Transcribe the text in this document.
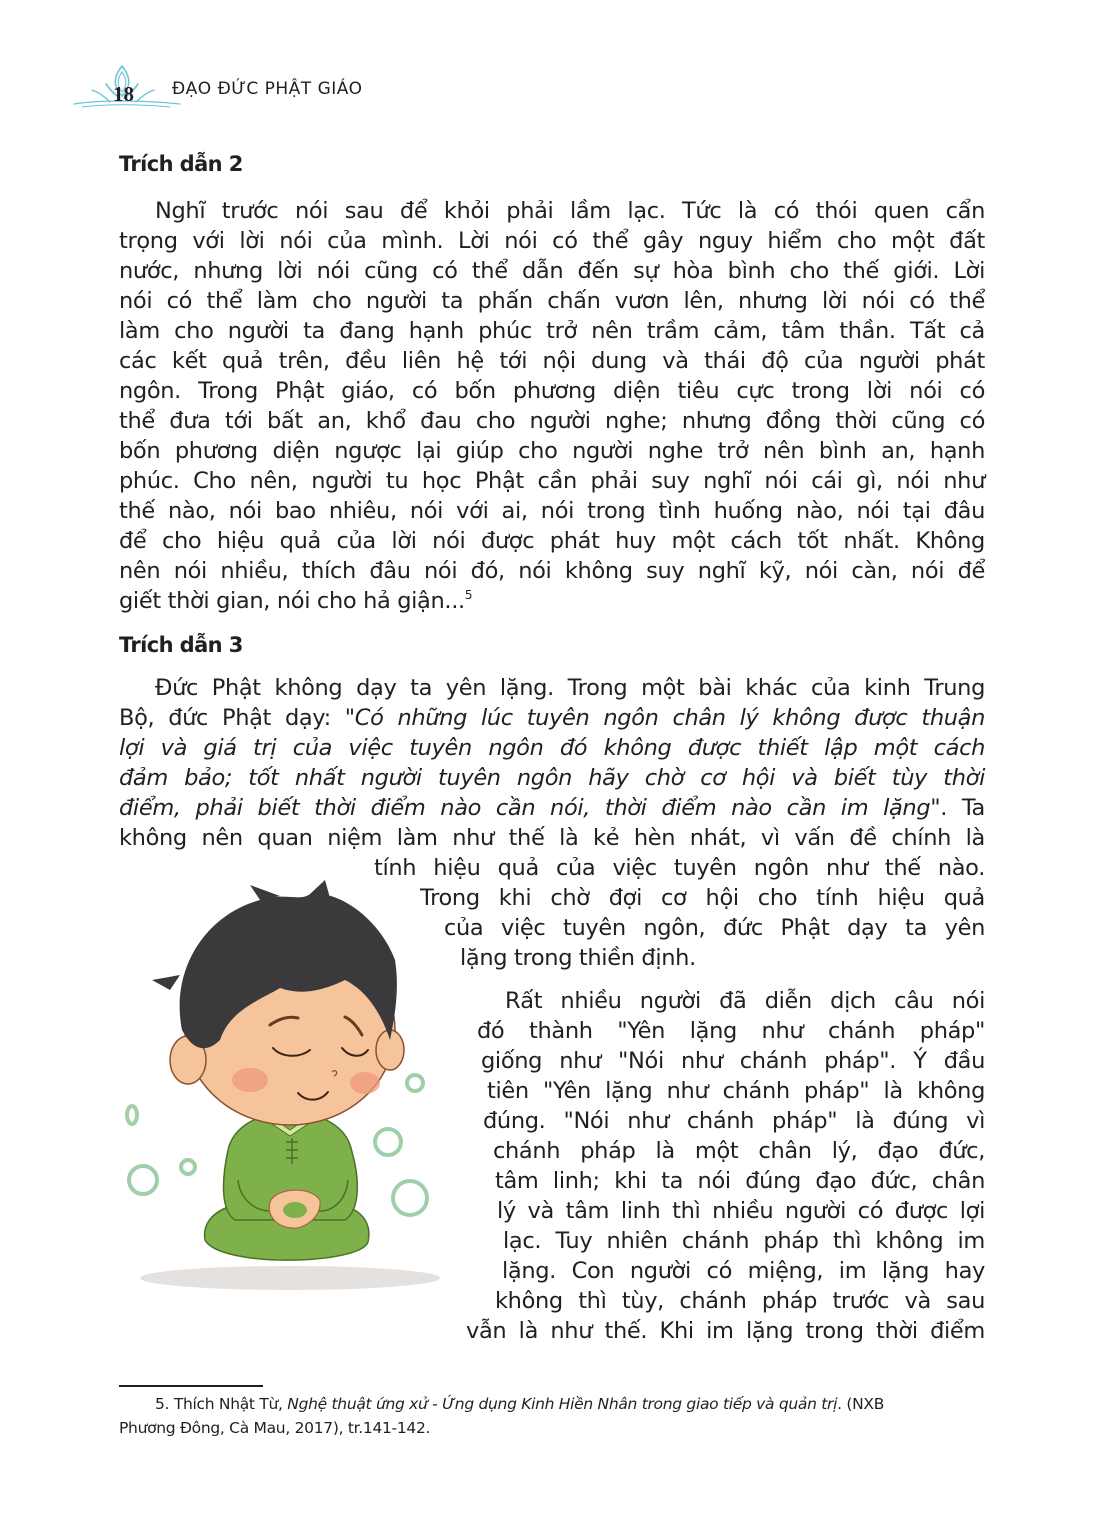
18 ĐẠO ĐỨC PHẬT GIÁO
Trích dẫn 2
Nghĩ trước nói sau để khỏi phải lầm lạc. Tức là có thói quen cẩn
trọng với lời nói của mình. Lời nói có thể gây nguy hiểm cho một đất
nước, nhưng lời nói cũng có thể dẫn đến sự hòa bình cho thế giới. Lời
nói có thể làm cho người ta phấn chấn vươn lên, nhưng lời nói có thể
làm cho người ta đang hạnh phúc trở nên trầm cảm, tâm thần. Tất cả
các kết quả trên, đều liên hệ tới nội dung và thái độ của người phát
ngôn. Trong Phật giáo, có bốn phương diện tiêu cực trong lời nói có
thể đưa tới bất an, khổ đau cho người nghe; nhưng đồng thời cũng có
bốn phương diện ngược lại giúp cho người nghe trở nên bình an, hạnh
phúc. Cho nên, người tu học Phật cần phải suy nghĩ nói cái gì, nói như
thế nào, nói bao nhiêu, nói với ai, nói trong tình huống nào, nói tại đâu
để cho hiệu quả của lời nói được phát huy một cách tốt nhất. Không
nên nói nhiều, thích đâu nói đó, nói không suy nghĩ kỹ, nói càn, nói để
giết thời gian, nói cho hả giận...$^5$
Trích dẫn 3
Đức Phật không dạy ta yên lặng. Trong một bài khác của kinh Trung
Bộ, đức Phật dạy: "Có những lúc tuyên ngôn chân lý không được thuận
lợi và giá trị của việc tuyên ngôn đó không được thiết lập một cách
đảm bảo; tốt nhất người tuyên ngôn hãy chờ cơ hội và biết tùy thời
điểm, phải biết thời điểm nào cần nói, thời điểm nào cần im lặng". Ta
không nên quan niệm làm như thế là kẻ hèn nhát, vì vấn đề chính là
tính hiệu quả của việc tuyên ngôn như thế nào.
Trong khi chờ đợi cơ hội cho tính hiệu quả
của việc tuyên ngôn, đức Phật dạy ta yên
lặng trong thiền định.
Rất nhiều người đã diễn dịch câu nói
đó thành "Yên lặng như chánh pháp"
giống như "Nói như chánh pháp". Ý đầu
tiên "Yên lặng như chánh pháp" là không
đúng. "Nói như chánh pháp" là đúng vì
chánh pháp là một chân lý, đạo đức,
tâm linh; khi ta nói đúng đạo đức, chân
lý và tâm linh thì nhiều người có được lợi
lạc. Tuy nhiên chánh pháp thì không im
lặng. Con người có miệng, im lặng hay
không thì tùy, chánh pháp trước và sau
vẫn là như thế. Khi im lặng trong thời điểm
5. Thích Nhật Từ, Nghệ thuật ứng xử - Ứng dụng Kinh Hiền Nhân trong giao tiếp và quản trị. (NXB
Phương Đông, Cà Mau, 2017), tr.141-142.
